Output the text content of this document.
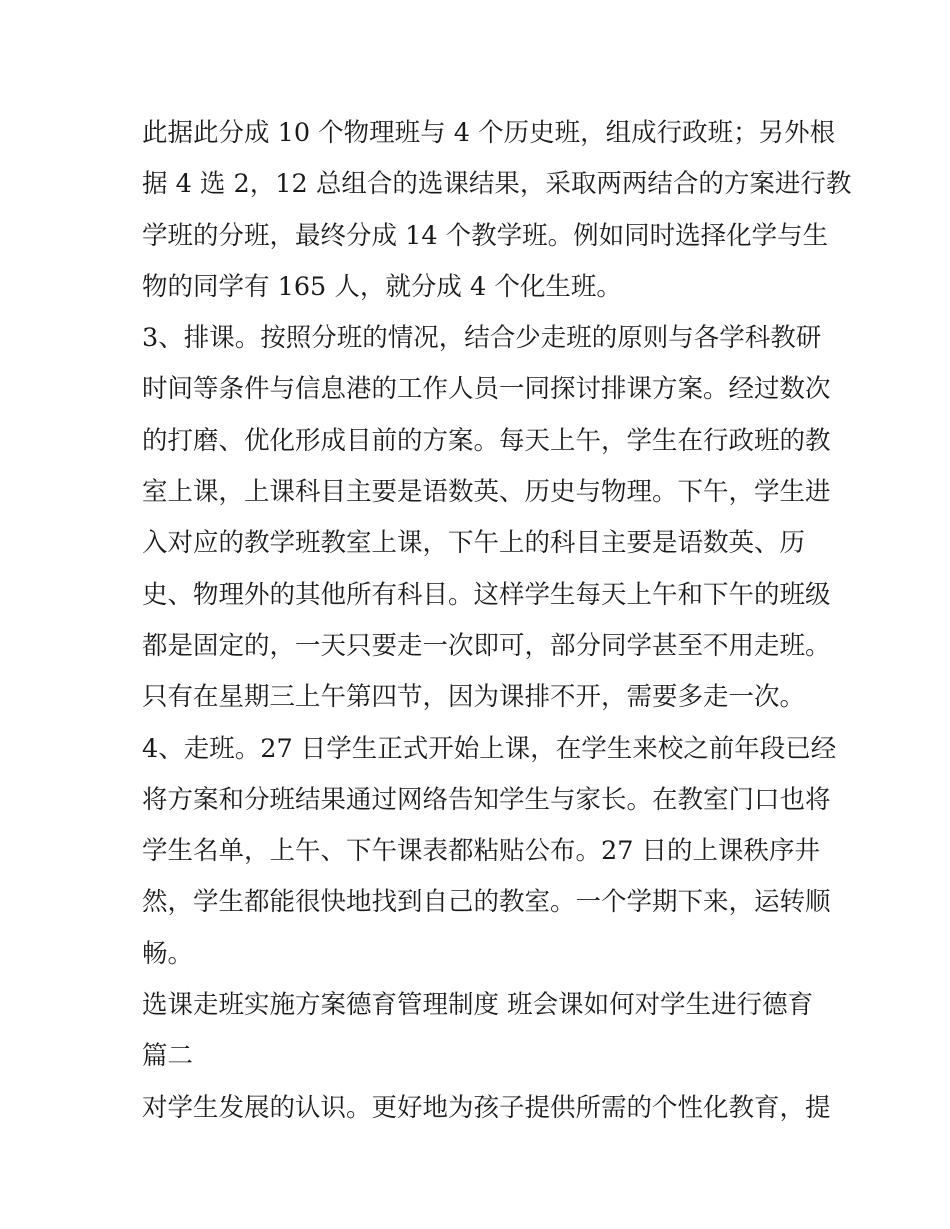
此据此分成 10 个物理班与 4 个历史班，组成行政班；另外根
据 4 选 2，12 总组合的选课结果，采取两两结合的方案进行教
学班的分班，最终分成 14 个教学班。例如同时选择化学与生
物的同学有 165 人，就分成 4 个化生班。
3、排课。按照分班的情况，结合少走班的原则与各学科教研
时间等条件与信息港的工作人员一同探讨排课方案。经过数次
的打磨、优化形成目前的方案。每天上午，学生在行政班的教
室上课，上课科目主要是语数英、历史与物理。下午，学生进
入对应的教学班教室上课，下午上的科目主要是语数英、历
史、物理外的其他所有科目。这样学生每天上午和下午的班级
都是固定的，一天只要走一次即可，部分同学甚至不用走班。
只有在星期三上午第四节，因为课排不开，需要多走一次。
4、走班。27 日学生正式开始上课，在学生来校之前年段已经
将方案和分班结果通过网络告知学生与家长。在教室门口也将
学生名单，上午、下午课表都粘贴公布。27 日的上课秩序井
然，学生都能很快地找到自己的教室。一个学期下来，运转顺
畅。
选课走班实施方案德育管理制度 班会课如何对学生进行德育
篇二
对学生发展的认识。更好地为孩子提供所需的个性化教育，提
